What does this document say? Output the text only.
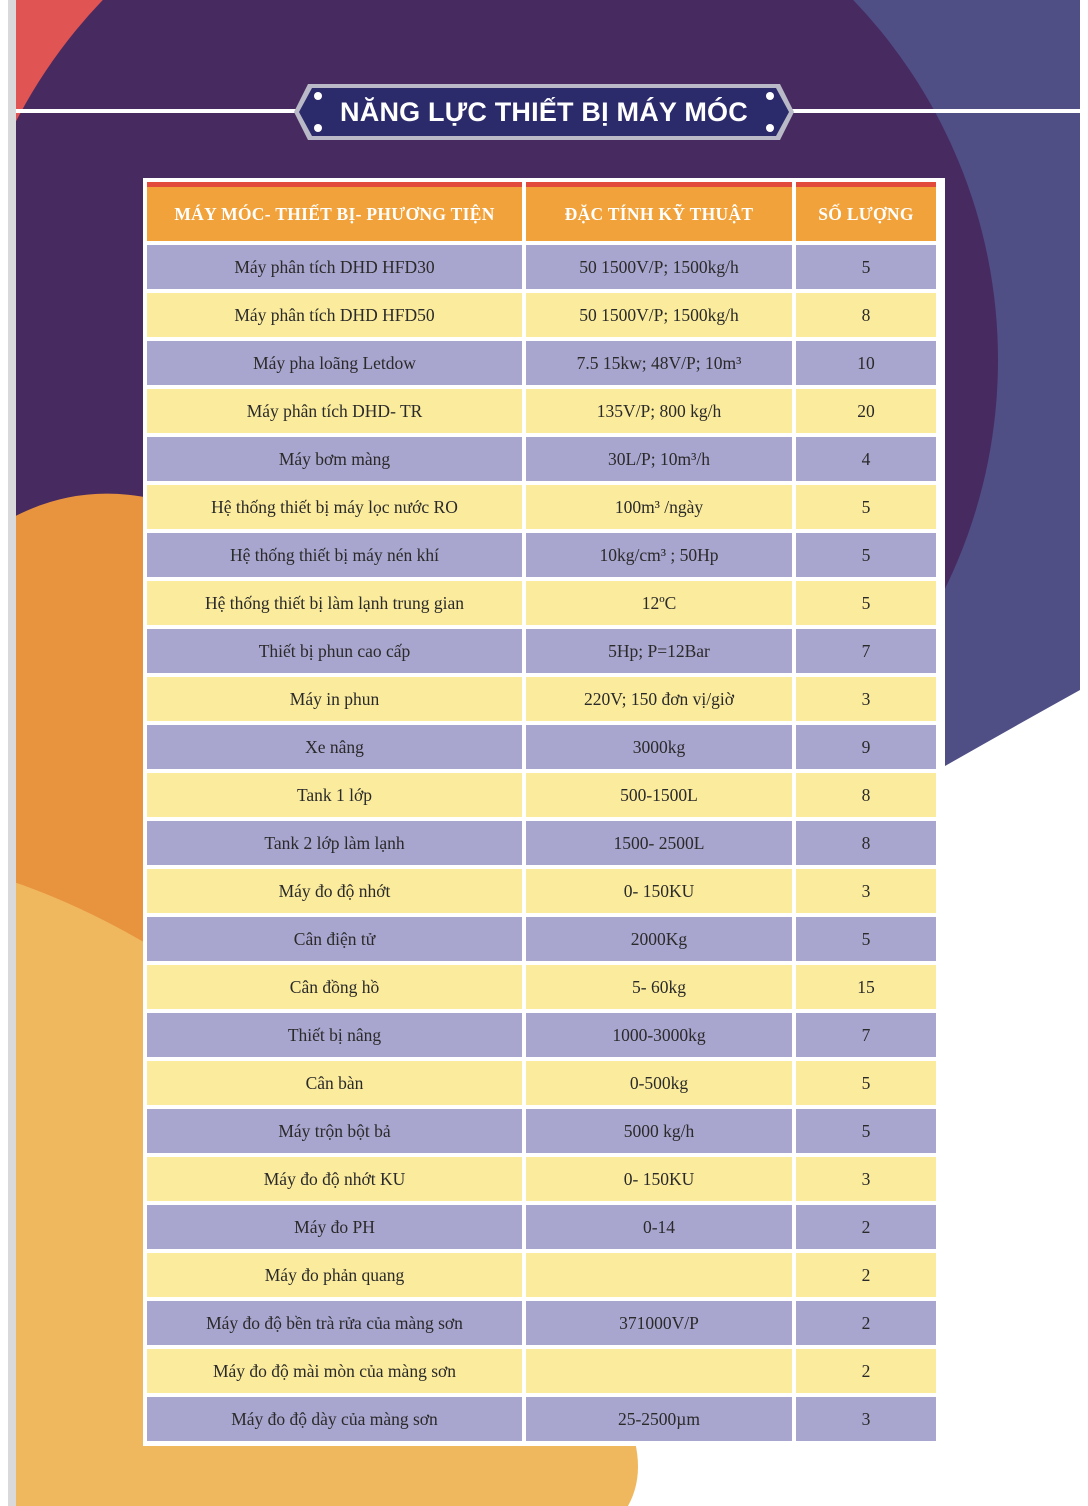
NĂNG LỰC THIẾT BỊ MÁY MÓC
MÁY MÓC- THIẾT BỊ- PHƯƠNG TIỆN	ĐẶC TÍNH KỸ THUẬT	SỐ LƯỢNG
Máy phân tích DHD HFD30	50 1500V/P; 1500kg/h	5
Máy phân tích DHD HFD50	50 1500V/P; 1500kg/h	8
Máy pha loãng Letdow	7.5 15kw; 48V/P; 10m³	10
Máy phân tích DHD- TR	135V/P; 800 kg/h	20
Máy bơm màng	30L/P; 10m³/h	4
Hệ thống thiết bị máy lọc nước RO	100m³ /ngày	5
Hệ thống thiết bị máy nén khí	10kg/cm³ ; 50Hp	5
Hệ thống thiết bị làm lạnh trung gian	12ºC	5
Thiết bị phun cao cấp	5Hp; P=12Bar	7
Máy in phun	220V; 150 đơn vị/giờ	3
Xe nâng	3000kg	9
Tank 1 lớp	500-1500L	8
Tank 2 lớp làm lạnh	1500- 2500L	8
Máy đo độ nhớt	0- 150KU	3
Cân điện tử	2000Kg	5
Cân đồng hồ	5- 60kg	15
Thiết bị nâng	1000-3000kg	7
Cân bàn	0-500kg	5
Máy trộn bột bả	5000 kg/h	5
Máy đo độ nhớt KU	0- 150KU	3
Máy đo PH	0-14	2
Máy đo phản quang		2
Máy đo độ bền trà rửa của màng sơn	371000V/P	2
Máy đo độ mài mòn của màng sơn		2
Máy đo độ dày của màng sơn	25-2500µm	3
